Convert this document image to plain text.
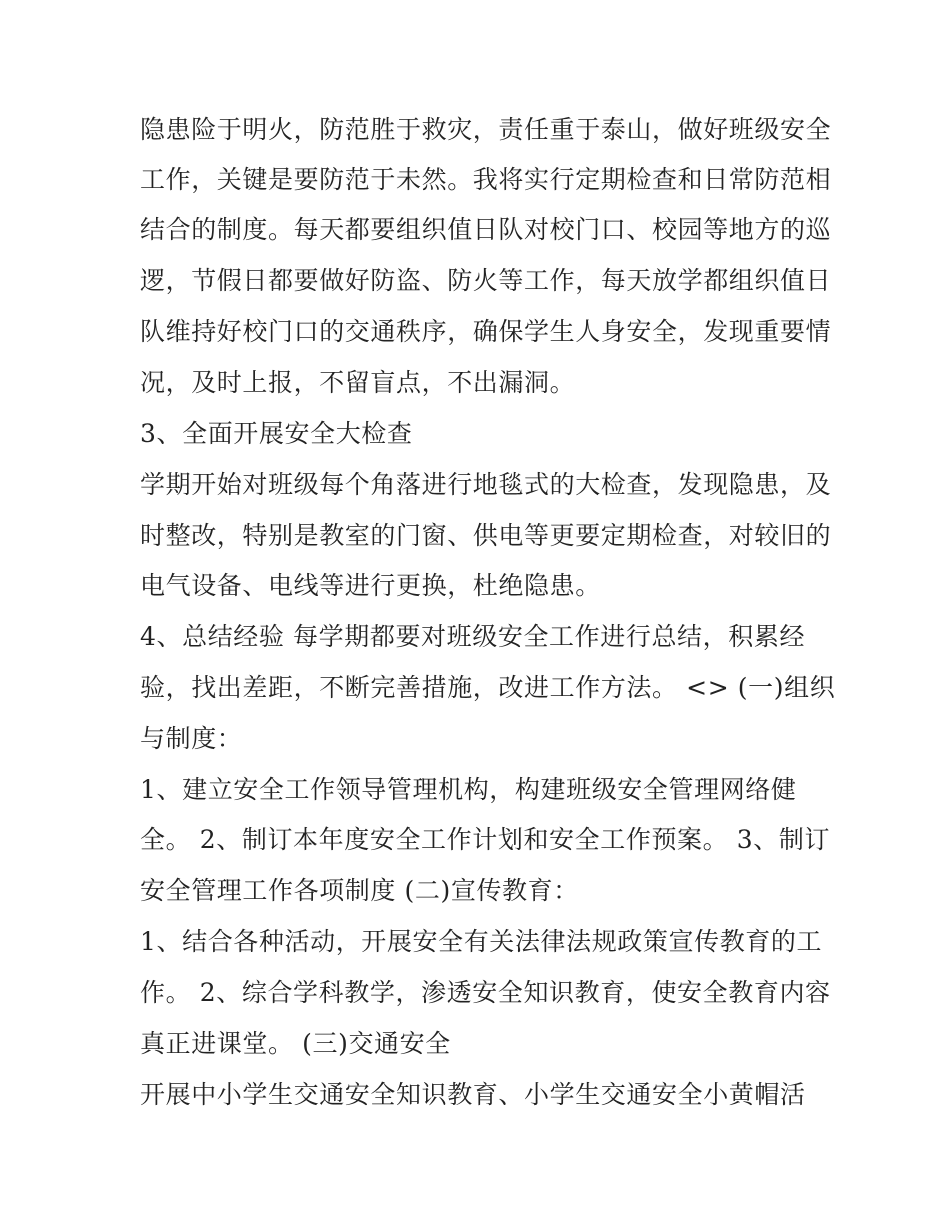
隐患险于明火，防范胜于救灾，责任重于泰山，做好班级安全
工作，关键是要防范于未然。我将实行定期检查和日常防范相
结合的制度。每天都要组织值日队对校门口、校园等地方的巡
逻，节假日都要做好防盗、防火等工作，每天放学都组织值日
队维持好校门口的交通秩序，确保学生人身安全，发现重要情
况，及时上报，不留盲点，不出漏洞。
3、全面开展安全大检查
学期开始对班级每个角落进行地毯式的大检查，发现隐患，及
时整改，特别是教室的门窗、供电等更要定期检查，对较旧的
电气设备、电线等进行更换，杜绝隐患。
4、总结经验 每学期都要对班级安全工作进行总结，积累经
验，找出差距，不断完善措施，改进工作方法。 <> (一)组织
与制度：
1、建立安全工作领导管理机构，构建班级安全管理网络健
全。 2、制订本年度安全工作计划和安全工作预案。 3、制订
安全管理工作各项制度 (二)宣传教育：
1、结合各种活动，开展安全有关法律法规政策宣传教育的工
作。 2、综合学科教学，渗透安全知识教育，使安全教育内容
真正进课堂。 (三)交通安全
开展中小学生交通安全知识教育、小学生交通安全小黄帽活
